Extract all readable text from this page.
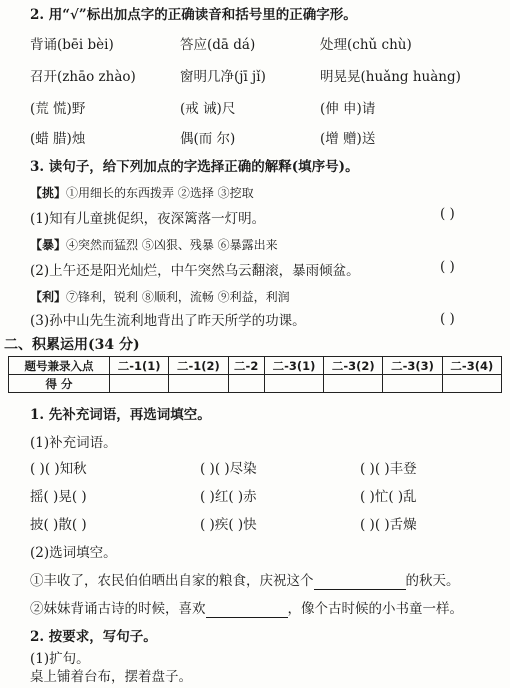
2. 用“√”标出加点字的正确读音和括号里的正确字形。
背诵(bēi bèi)	答应(dā dá)	处理(chǔ chù)
召开(zhāo zhào)	窗明几净(jī jǐ)	明晃晃(huǎng huàng)
(荒 慌)野	(戒 诫)尺	(伸 申)请
(蜡 腊)烛	偶(而 尔)	(增 赠)送
3. 读句子，给下列加点的字选择正确的解释(填序号)。
【挑】①用细长的东西拨弄 ②选择 ③挖取
(1)知有儿童挑促织，夜深篱落一灯明。	( )
【暴】④突然而猛烈 ⑤凶狠、残暴 ⑥暴露出来
(2)上午还是阳光灿烂，中午突然乌云翻滚，暴雨倾盆。	( )
【利】⑦锋利，锐利 ⑧顺利，流畅 ⑨利益，利润
(3)孙中山先生流利地背出了昨天所学的功课。	( )
二、积累运用(34 分)
题号兼录入点	二-1(1)	二-1(2)	二-2	二-3(1)	二-3(2)	二-3(3)	二-3(4)
得 分							
1. 先补充词语，再选词填空。
(1)补充词语。
( )( )知秋	( )( )尽染	( )( )丰登
摇( )晃( )	( )红( )赤	( )忙( )乱
披( )散( )	( )疾( )快	( )( )舌燥
(2)选词填空。
①丰收了，农民伯伯晒出自家的粮食，庆祝这个	的秋天。
②妹妹背诵古诗的时候，喜欢	，像个古时候的小书童一样。
2. 按要求，写句子。
(1)扩句。
桌上铺着台布，摆着盘子。
